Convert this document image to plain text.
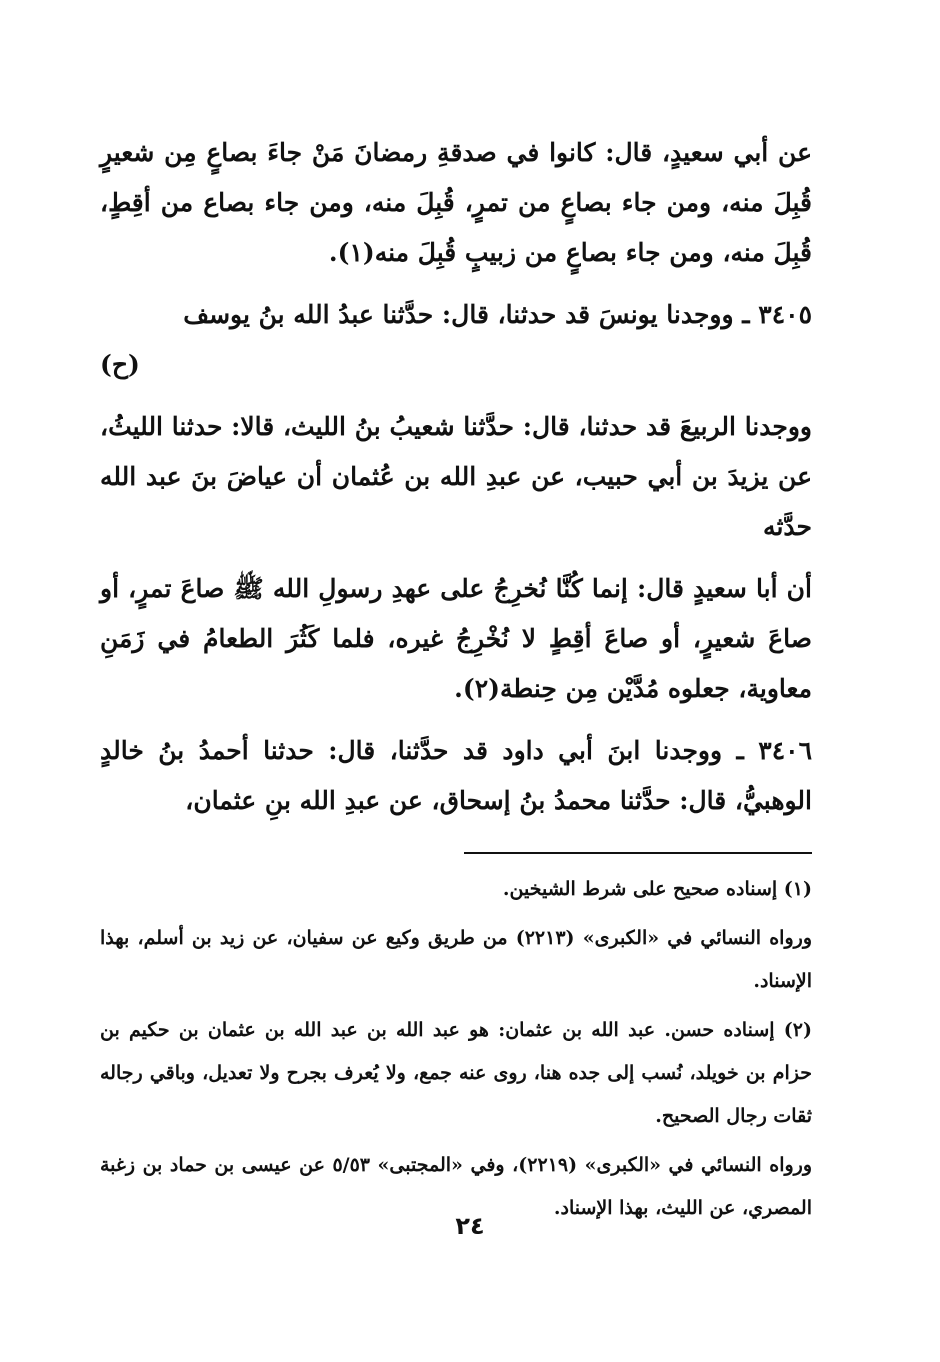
عن أبي سعيدٍ، قال: كانوا في صدقةِ رمضانَ مَنْ جاءَ بصاعٍ مِن شعيرٍ قُبِلَ منه، ومن جاء بصاعٍ من تمرٍ، قُبِلَ منه، ومن جاء بصاع من أقِطٍ، قُبِلَ منه، ومن جاء بصاعٍ من زبيبٍ قُبِلَ منه(١).

٣٤٠٥ ـ ووجدنا يونسَ قد حدثنا، قال: حدَّثنا عبدُ الله بنُ يوسف

(ح)

ووجدنا الربيعَ قد حدثنا، قال: حدَّثنا شعيبُ بنُ الليث، قالا: حدثنا الليثُ، عن يزيدَ بن أبي حبيب، عن عبدِ الله بن عُثمان أن عياضَ بنَ عبد الله حدَّثه

أن أبا سعيدٍ قال: إنما كُنَّا نُخرِجُ على عهدِ رسولِ الله ﷺ صاعَ تمرٍ، أو صاعَ شعيرٍ، أو صاعَ أقِطٍ لا نُخْرِجُ غيره، فلما كَثُرَ الطعامُ في زَمَنِ معاوية، جعلوه مُدَّيْن مِن حِنطة(٢).

٣٤٠٦ ـ ووجدنا ابنَ أبي داود قد حدَّثنا، قال: حدثنا أحمدُ بنُ خالدٍ الوهبيُّ، قال: حدَّثنا محمدُ بنُ إسحاق، عن عبدِ الله بنِ عثمان،

(١) إسناده صحيح على شرط الشيخين.

ورواه النسائي في «الكبرى» (٢٢١٣) من طريق وكيع عن سفيان، عن زيد بن أسلم، بهذا الإسناد.

(٢) إسناده حسن. عبد الله بن عثمان: هو عبد الله بن عبد الله بن عثمان بن حكيم بن حزام بن خويلد، نُسب إلى جده هنا، روى عنه جمع، ولا يُعرف بجرح ولا تعديل، وباقي رجاله ثقات رجال الصحيح.

ورواه النسائي في «الكبرى» (٢٢١٩)، وفي «المجتبى» ٥/٥٣ عن عيسى بن حماد بن زغبة المصري، عن الليث، بهذا الإسناد.

٢٤
